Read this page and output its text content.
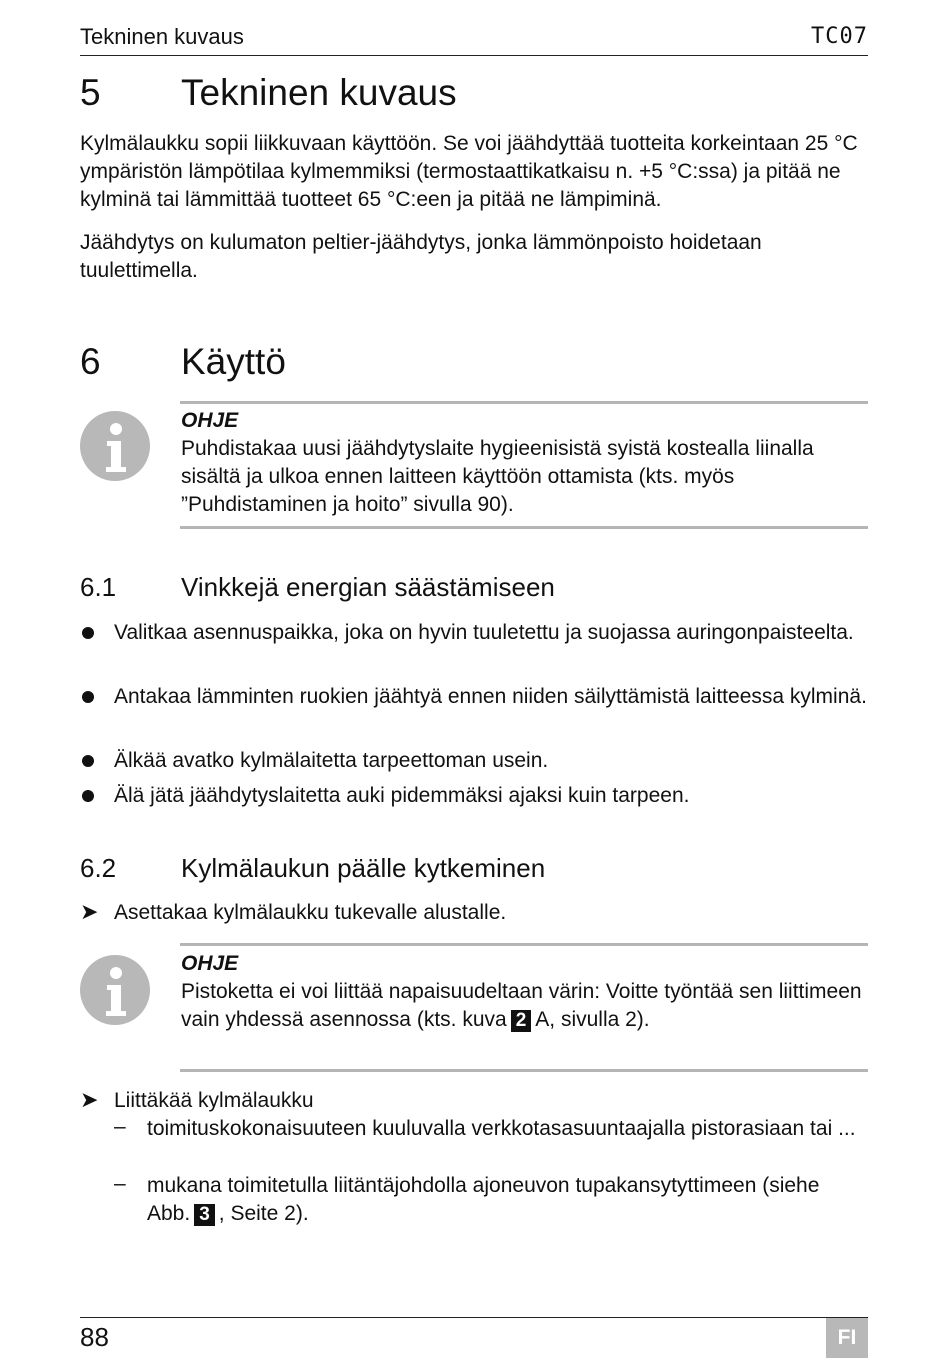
Tekninen kuvaus	TC07
5 Tekninen kuvaus

Kylmälaukku sopii liikkuvaan käyttöön. Se voi jäähdyttää tuotteita korkeintaan 25 °C ympäristön lämpötilaa kylmemmiksi (termostaattikatkaisu n. +5 °C:ssa) ja pitää ne kylminä tai lämmittää tuotteet 65 °C:een ja pitää ne lämpiminä.

Jäähdytys on kulumaton peltier-jäähdytys, jonka lämmönpoisto hoidetaan tuulettimella.

6 Käyttö
OHJE
Puhdistakaa uusi jäähdytyslaite hygieenisistä syistä kostealla liinalla sisältä ja ulkoa ennen laitteen käyttöön ottamista (kts. myös ”Puhdistaminen ja hoito” sivulla 90).
6.1 Vinkkejä energian säästämiseen
Valitkaa asennuspaikka, joka on hyvin tuuletettu ja suojassa auringonpaisteelta.
Antakaa lämminten ruokien jäähtyä ennen niiden säilyttämistä laitteessa kylminä.
Älkää avatko kylmälaitetta tarpeettoman usein.
Älä jätä jäähdytyslaitetta auki pidemmäksi ajaksi kuin tarpeen.
6.2 Kylmälaukun päälle kytkeminen
➤ Asettakaa kylmälaukku tukevalle alustalle.
OHJE
Pistoketta ei voi liittää napaisuudeltaan värin: Voitte työntää sen liittimeen vain yhdessä asennossa (kts. kuva 2 A, sivulla 2).
➤ Liittäkää kylmälaukku
– toimituskokonaisuuteen kuuluvalla verkkotasasuuntaajalla pistorasiaan tai ...
– mukana toimitetulla liitäntäjohdolla ajoneuvon tupakansytyttimeen (siehe Abb. 3 , Seite 2).
88	FI
